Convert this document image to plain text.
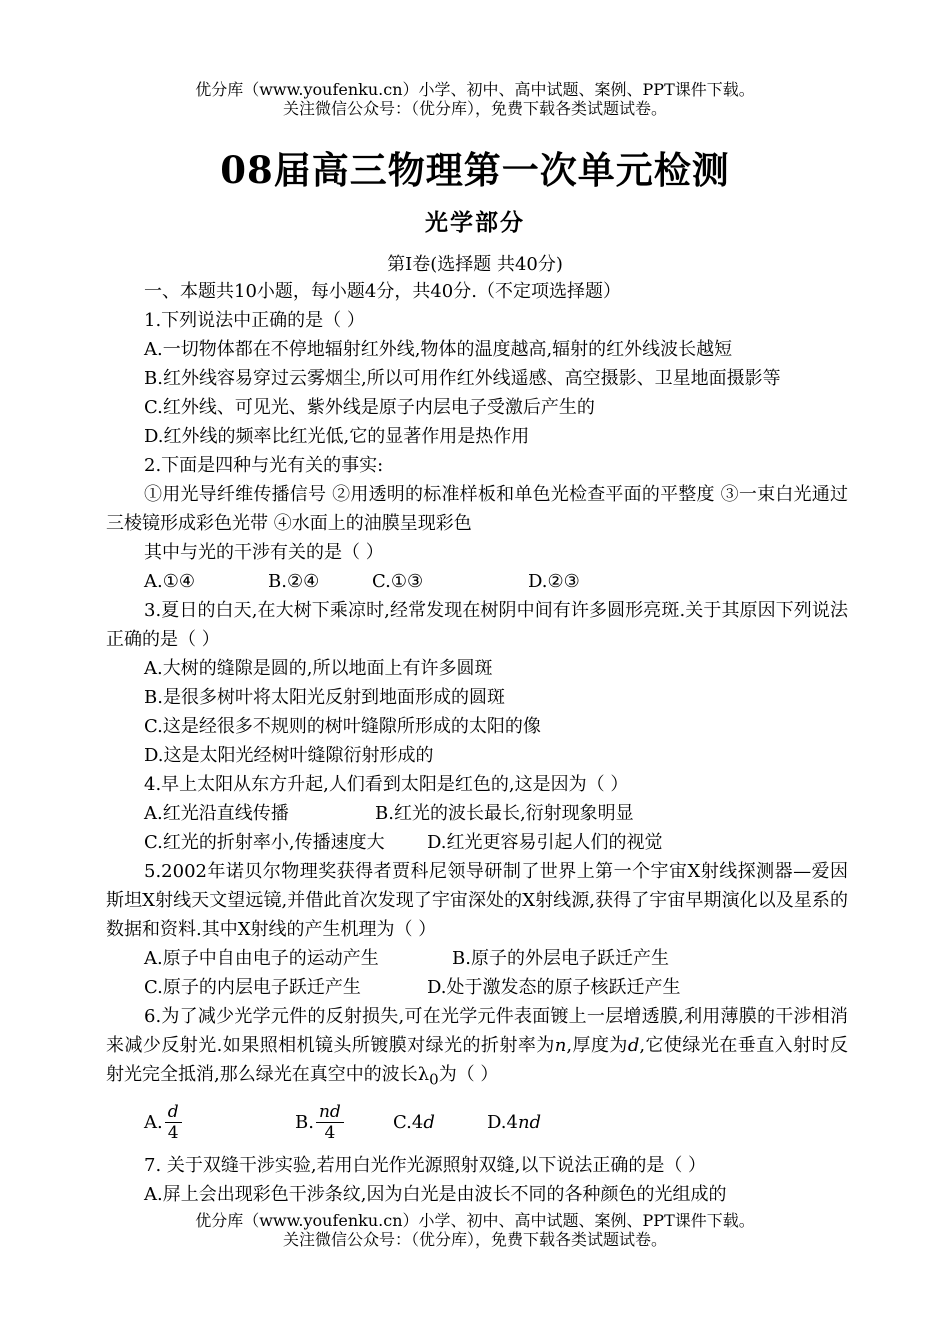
优分库（www.youfenku.cn）小学、初中、高中试题、案例、PPT课件下载。
关注微信公众号：（优分库），免费下载各类试题试卷。
08届高三物理第一次单元检测
光学部分
第Ⅰ卷(选择题 共40分)

一、本题共10小题，每小题4分，共40分.（不定项选择题）

1.下列说法中正确的是（ ）

A.一切物体都在不停地辐射红外线,物体的温度越高,辐射的红外线波长越短

B.红外线容易穿过云雾烟尘,所以可用作红外线遥感、高空摄影、卫星地面摄影等

C.红外线、可见光、紫外线是原子内层电子受激后产生的

D.红外线的频率比红光低,它的显著作用是热作用

2.下面是四种与光有关的事实:

①用光导纤维传播信号 ②用透明的标准样板和单色光检查平面的平整度 ③一束白光通过三棱镜形成彩色光带 ④水面上的油膜呈现彩色

其中与光的干涉有关的是（ ）

A.①④	B.②④	C.①③	D.②③

3.夏日的白天,在大树下乘凉时,经常发现在树阴中间有许多圆形亮斑.关于其原因下列说法正确的是（ ）

A.大树的缝隙是圆的,所以地面上有许多圆斑

B.是很多树叶将太阳光反射到地面形成的圆斑

C.这是经很多不规则的树叶缝隙所形成的太阳的像

D.这是太阳光经树叶缝隙衍射形成的

4.早上太阳从东方升起,人们看到太阳是红色的,这是因为（ ）

A.红光沿直线传播	B.红光的波长最长,衍射现象明显
C.红光的折射率小,传播速度大	D.红光更容易引起人们的视觉

5.2002年诺贝尔物理奖获得者贾科尼领导研制了世界上第一个宇宙X射线探测器—爱因斯坦X射线天文望远镜,并借此首次发现了宇宙深处的X射线源,获得了宇宙早期演化以及星系的数据和资料.其中X射线的产生机理为（ ）

A.原子中自由电子的运动产生	B.原子的外层电子跃迁产生
C.原子的内层电子跃迁产生	D.处于激发态的原子核跃迁产生

6.为了减少光学元件的反射损失,可在光学元件表面镀上一层增透膜,利用薄膜的干涉相消来减少反射光.如果照相机镜头所镀膜对绿光的折射率为n,厚度为d,它使绿光在垂直入射时反射光完全抵消,那么绿光在真空中的波长$\lambda_0$为（ ）

A. $\frac{d}{4}$	B. $\frac{nd}{4}$	C.4d	D.4nd

7. 关于双缝干涉实验,若用白光作光源照射双缝,以下说法正确的是（ ）

A.屏上会出现彩色干涉条纹,因为白光是由波长不同的各种颜色的光组成的

优分库（www.youfenku.cn）小学、初中、高中试题、案例、PPT课件下载。
关注微信公众号：（优分库），免费下载各类试题试卷。
